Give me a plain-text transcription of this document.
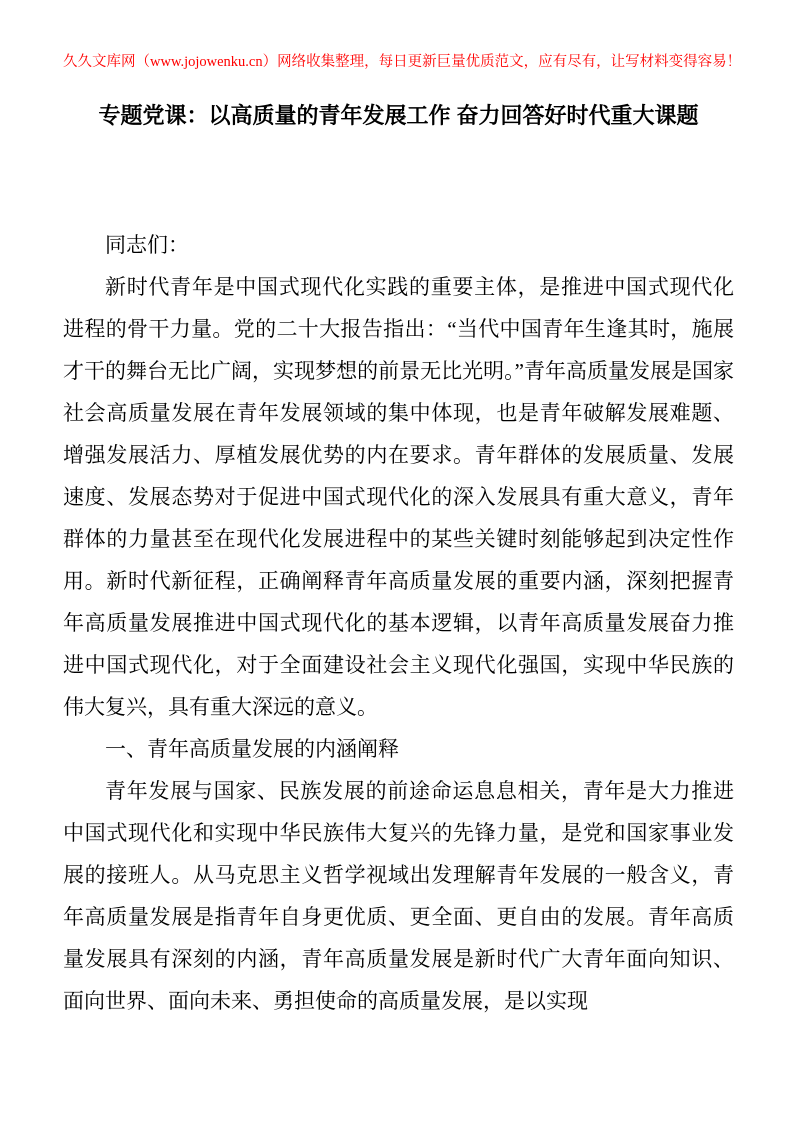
久久文库网（www.jojowenku.cn）网络收集整理，每日更新巨量优质范文，应有尽有，让写材料变得容易！
专题党课：以高质量的青年发展工作 奋力回答好时代重大课题

同志们：

新时代青年是中国式现代化实践的重要主体，是推进中国式现代化进程的骨干力量。党的二十大报告指出：“当代中国青年生逢其时，施展才干的舞台无比广阔，实现梦想的前景无比光明。”青年高质量发展是国家社会高质量发展在青年发展领域的集中体现，也是青年破解发展难题、增强发展活力、厚植发展优势的内在要求。青年群体的发展质量、发展速度、发展态势对于促进中国式现代化的深入发展具有重大意义，青年群体的力量甚至在现代化发展进程中的某些关键时刻能够起到决定性作用。新时代新征程，正确阐释青年高质量发展的重要内涵，深刻把握青年高质量发展推进中国式现代化的基本逻辑，以青年高质量发展奋力推进中国式现代化，对于全面建设社会主义现代化强国，实现中华民族的伟大复兴，具有重大深远的意义。

一、青年高质量发展的内涵阐释

青年发展与国家、民族发展的前途命运息息相关，青年是大力推进中国式现代化和实现中华民族伟大复兴的先锋力量，是党和国家事业发展的接班人。从马克思主义哲学视域出发理解青年发展的一般含义，青年高质量发展是指青年自身更优质、更全面、更自由的发展。青年高质量发展具有深刻的内涵，青年高质量发展是新时代广大青年面向知识、面向世界、面向未来、勇担使命的高质量发展，是以实现
